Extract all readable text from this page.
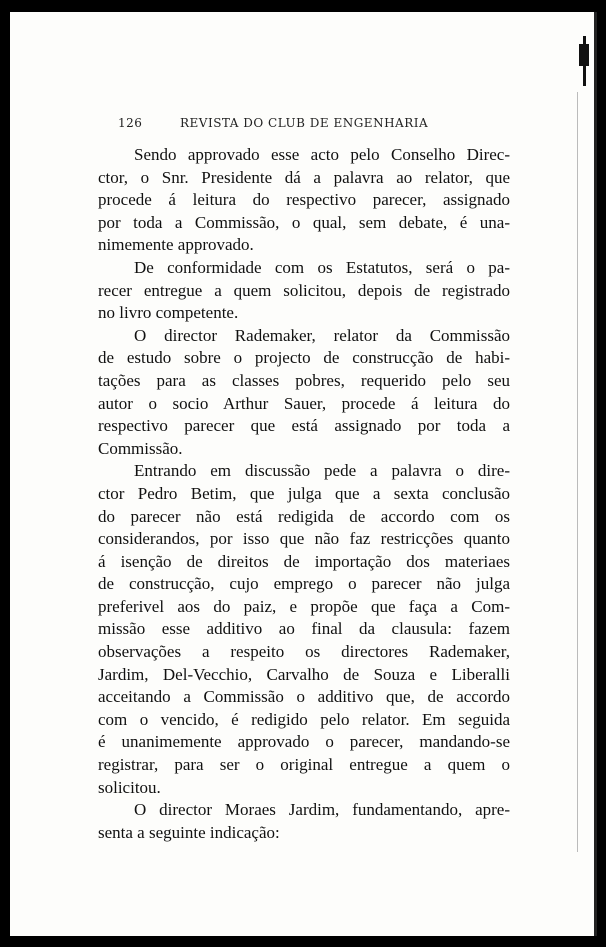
126	REVISTA DO CLUB DE ENGENHARIA
Sendo approvado esse acto pelo Conselho Direc-
ctor, o Snr. Presidente dá a palavra ao relator, que
procede á leitura do respectivo parecer, assignado
por toda a Commissão, o qual, sem debate, é una-
nimemente approvado.
De conformidade com os Estatutos, será o pa-
recer entregue a quem solicitou, depois de registrado
no livro competente.
O director Rademaker, relator da Commissão
de estudo sobre o projecto de construcção de habi-
tações para as classes pobres, requerido pelo seu
autor o socio Arthur Sauer, procede á leitura do
respectivo parecer que está assignado por toda a
Commissão.
Entrando em discussão pede a palavra o dire-
ctor Pedro Betim, que julga que a sexta conclusão
do parecer não está redigida de accordo com os
considerandos, por isso que não faz restricções quanto
á isenção de direitos de importação dos materiaes
de construcção, cujo emprego o parecer não julga
preferivel aos do paiz, e propõe que faça a Com-
missão esse additivo ao final da clausula: fazem
observações a respeito os directores Rademaker,
Jardim, Del-Vecchio, Carvalho de Souza e Liberalli
acceitando a Commissão o additivo que, de accordo
com o vencido, é redigido pelo relator. Em seguida
é unanimemente approvado o parecer, mandando-se
registrar, para ser o original entregue a quem o
solicitou.
O director Moraes Jardim, fundamentando, apre-
senta a seguinte indicação:
